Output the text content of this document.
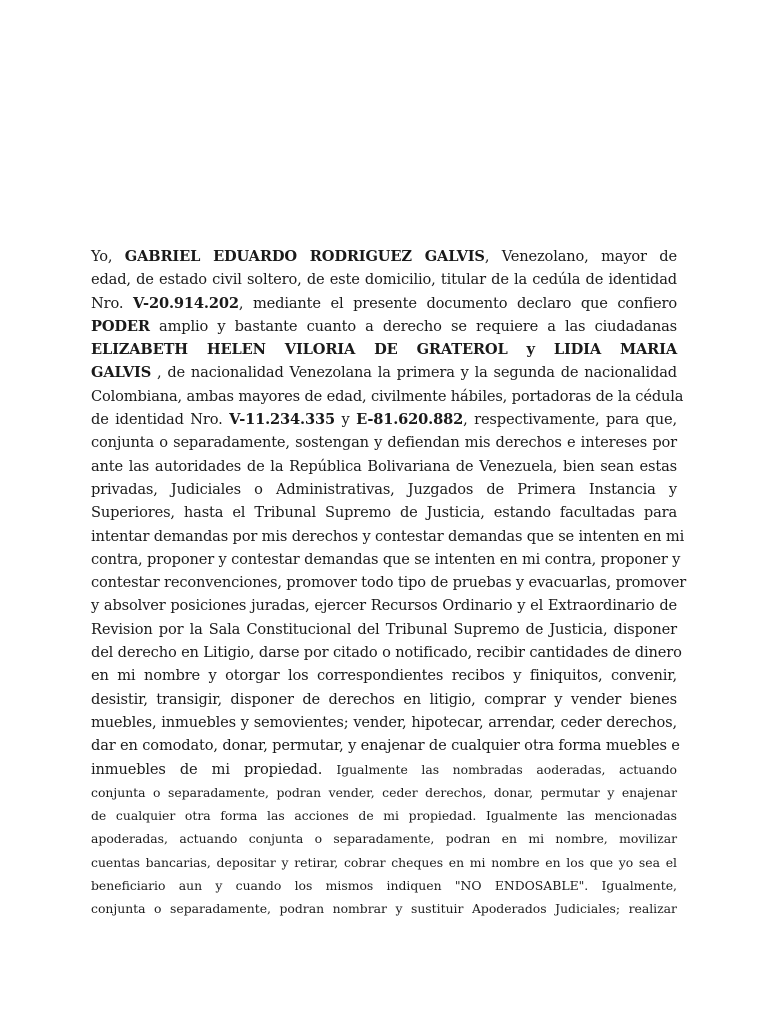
Yo, GABRIEL EDUARDO RODRIGUEZ GALVIS, Venezolano, mayor de
edad, de estado civil soltero, de este domicilio, titular de la cedúla de identidad
Nro. V-20.914.202, mediante el presente documento declaro que confiero
PODER amplio y bastante cuanto a derecho se requiere a las ciudadanas
ELIZABETH HELEN VILORIA DE GRATEROL y LIDIA MARIA
GALVIS , de nacionalidad Venezolana la primera y la segunda de nacionalidad
Colombiana, ambas mayores de edad, civilmente hábiles, portadoras de la cédula
de identidad Nro. V-11.234.335 y E-81.620.882, respectivamente, para que,
conjunta o separadamente, sostengan y defiendan mis derechos e intereses por
ante las autoridades de la República Bolivariana de Venezuela, bien sean estas
privadas, Judiciales o Administrativas, Juzgados de Primera Instancia y
Superiores, hasta el Tribunal Supremo de Justicia, estando facultadas para
intentar demandas por mis derechos y contestar demandas que se intenten en mi
contra, proponer y contestar demandas que se intenten en mi contra, proponer y
contestar reconvenciones, promover todo tipo de pruebas y evacuarlas, promover
y absolver posiciones juradas, ejercer Recursos Ordinario y el Extraordinario de
Revision por la Sala Constitucional del Tribunal Supremo de Justicia, disponer
del derecho en Litigio, darse por citado o notificado, recibir cantidades de dinero
en mi nombre y otorgar los correspondientes recibos y finiquitos, convenir,
desistir, transigir, disponer de derechos en litigio, comprar y vender bienes
muebles, inmuebles y semovientes; vender, hipotecar, arrendar, ceder derechos,
dar en comodato, donar, permutar, y enajenar de cualquier otra forma muebles e
inmuebles de mi propiedad. Igualmente las nombradas aoderadas, actuando
conjunta o separadamente, podran vender, ceder derechos, donar, permutar y enajenar
de cualquier otra forma las acciones de mi propiedad. Igualmente las mencionadas
apoderadas, actuando conjunta o separadamente, podran en mi nombre, movilizar
cuentas bancarias, depositar y retirar, cobrar cheques en mi nombre en los que yo sea el
beneficiario aun y cuando los mismos indiquen "NO ENDOSABLE". Igualmente,
conjunta o separadamente, podran nombrar y sustituir Apoderados Judiciales; realizar
